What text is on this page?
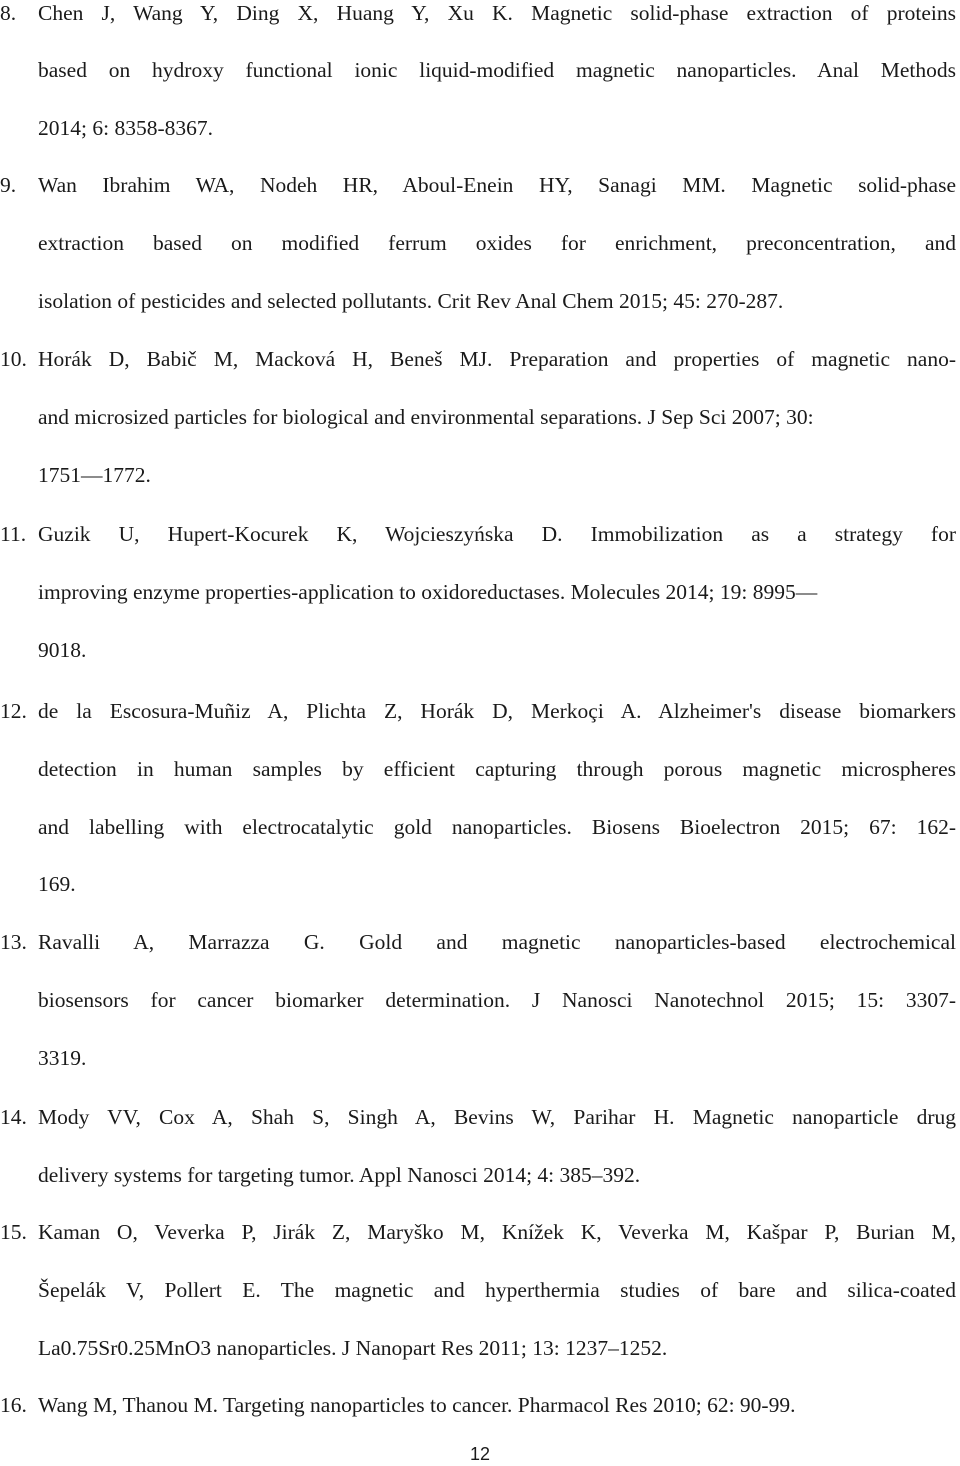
8. Chen J, Wang Y, Ding X, Huang Y, Xu K. Magnetic solid-phase extraction of proteins
based on hydroxy functional ionic liquid-modified magnetic nanoparticles. Anal Methods
2014; 6: 8358-8367.
9. Wan Ibrahim WA, Nodeh HR, Aboul-Enein HY, Sanagi MM. Magnetic solid-phase
extraction based on modified ferrum oxides for enrichment, preconcentration, and
isolation of pesticides and selected pollutants. Crit Rev Anal Chem 2015; 45: 270-287.
10. Horák D, Babič M, Macková H, Beneš MJ. Preparation and properties of magnetic nano-
and microsized particles for biological and environmental separations. J Sep Sci 2007; 30:
1751—1772.
11. Guzik U, Hupert-Kocurek K, Wojcieszyńska D. Immobilization as a strategy for
improving enzyme properties-application to oxidoreductases. Molecules 2014; 19: 8995—
9018.
12. de la Escosura-Muñiz A, Plichta Z, Horák D, Merkoçi A. Alzheimer's disease biomarkers
detection in human samples by efficient capturing through porous magnetic microspheres
and labelling with electrocatalytic gold nanoparticles. Biosens Bioelectron 2015; 67: 162-
169.
13. Ravalli A, Marrazza G. Gold and magnetic nanoparticles-based electrochemical
biosensors for cancer biomarker determination. J Nanosci Nanotechnol 2015; 15: 3307-
3319.
14. Mody VV, Cox A, Shah S, Singh A, Bevins W, Parihar H. Magnetic nanoparticle drug
delivery systems for targeting tumor. Appl Nanosci 2014; 4: 385–392.
15. Kaman O, Veverka P, Jirák Z, Maryško M, Knížek K, Veverka M, Kašpar P, Burian M,
Šepelák V, Pollert E. The magnetic and hyperthermia studies of bare and silica-coated
La0.75Sr0.25MnO3 nanoparticles. J Nanopart Res 2011; 13: 1237–1252.
16. Wang M, Thanou M. Targeting nanoparticles to cancer. Pharmacol Res 2010; 62: 90-99.
12
